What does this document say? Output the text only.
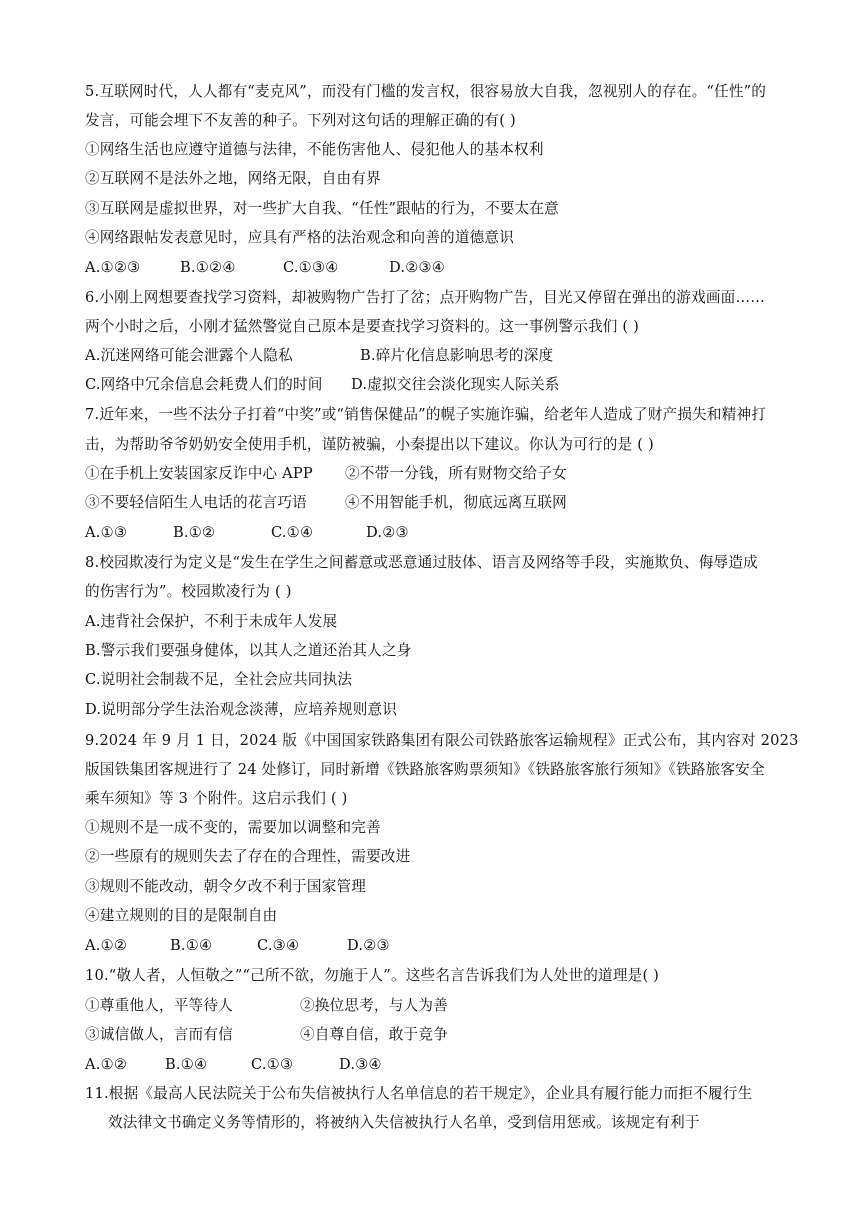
5.互联网时代，人人都有“麦克风”，而没有门槛的发言权，很容易放大自我，忽视别人的存在。“任性”的
发言，可能会埋下不友善的种子。下列对这句话的理解正确的有( )
①网络生活也应遵守道德与法律，不能伤害他人、侵犯他人的基本权利
②互联网不是法外之地，网络无限，自由有界
③互联网是虚拟世界，对一些扩大自我、“任性”跟帖的行为，不要太在意
④网络跟帖发表意见时，应具有严格的法治观念和向善的道德意识
A.①②③	B.①②④	C.①③④	D.②③④
6.小刚上网想要查找学习资料，却被购物广告打了岔；点开购物广告，目光又停留在弹出的游戏画面……
两个小时之后，小刚才猛然警觉自己原本是要查找学习资料的。这一事例警示我们 ( )
A.沉迷网络可能会泄露个人隐私	B.碎片化信息影响思考的深度
C.网络中冗余信息会耗费人们的时间 D.虚拟交往会淡化现实人际关系
7.近年来，一些不法分子打着“中奖”或“销售保健品”的幌子实施诈骗，给老年人造成了财产损失和精神打
击，为帮助爷爷奶奶安全使用手机，谨防被骗，小秦提出以下建议。你认为可行的是 ( )
①在手机上安装国家反诈中心 APP ②不带一分钱，所有财物交给子女
③不要轻信陌生人电话的花言巧语	④不用智能手机，彻底远离互联网
A.①③	B.①②	C.①④	D.②③
8.校园欺凌行为定义是“发生在学生之间蓄意或恶意通过肢体、语言及网络等手段，实施欺负、侮辱造成
的伤害行为”。校园欺凌行为 ( )
A.违背社会保护，不利于未成年人发展
B.警示我们要强身健体，以其人之道还治其人之身
C.说明社会制裁不足，全社会应共同执法
D.说明部分学生法治观念淡薄，应培养规则意识
9.2024 年 9 月 1 日，2024 版《中国国家铁路集团有限公司铁路旅客运输规程》正式公布，其内容对 2023
版国铁集团客规进行了 24 处修订，同时新增《铁路旅客购票须知》《铁路旅客旅行须知》《铁路旅客安全
乘车须知》等 3 个附件。这启示我们 ( )
①规则不是一成不变的，需要加以调整和完善
②一些原有的规则失去了存在的合理性，需要改进
③规则不能改动，朝令夕改不利于国家管理
④建立规则的目的是限制自由
A.①②	B.①④	C.③④	D.②③
10.“敬人者，人恒敬之”“己所不欲，勿施于人”。这些名言告诉我们为人处世的道理是( )
①尊重他人，平等待人	②换位思考，与人为善
③诚信做人，言而有信	④自尊自信，敢于竞争
A.①②	B.①④	C.①③	D.③④
11.根据《最高人民法院关于公布失信被执行人名单信息的若干规定》，企业具有履行能力而拒不履行生
效法律文书确定义务等情形的，将被纳入失信被执行人名单，受到信用惩戒。该规定有利于
